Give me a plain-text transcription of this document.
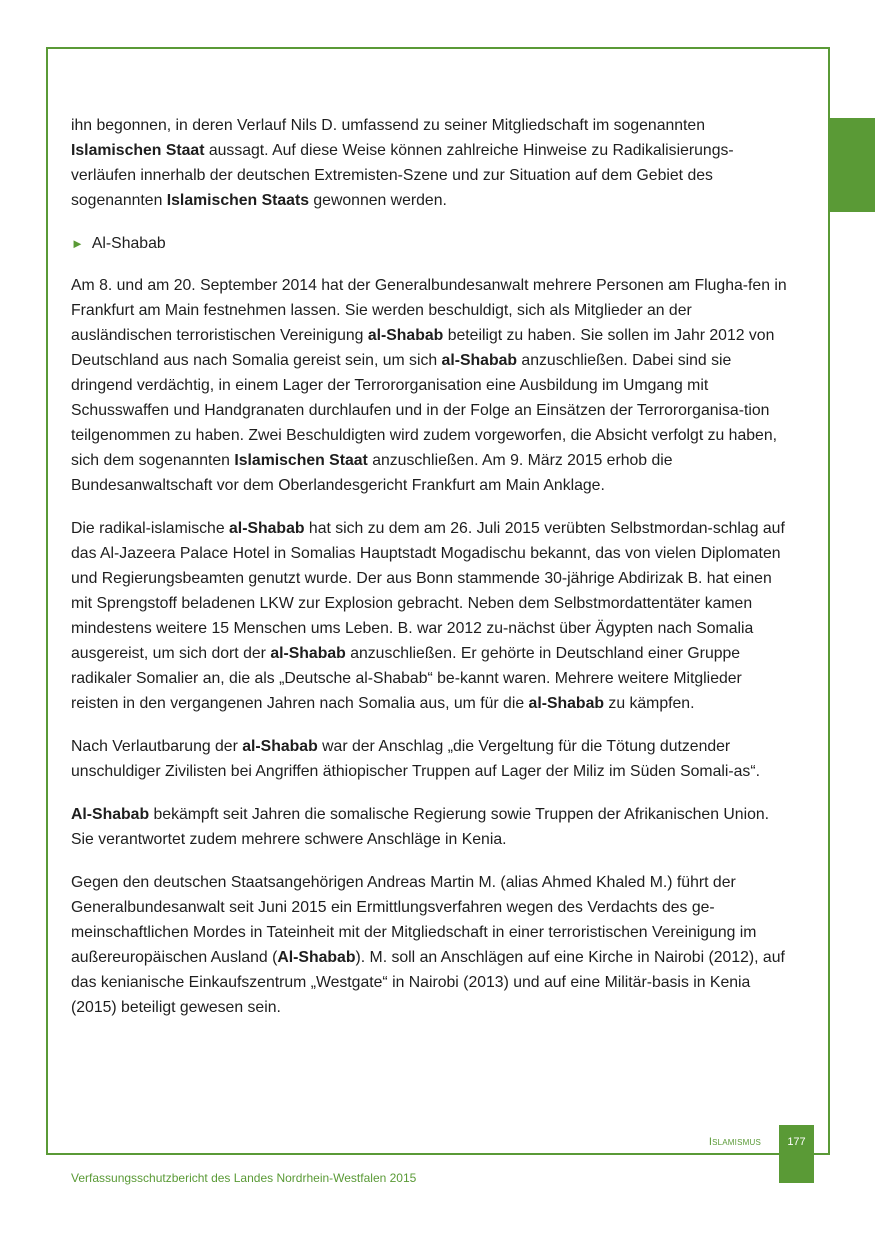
ihn begonnen, in deren Verlauf Nils D. umfassend zu seiner Mitgliedschaft im sogenannten Islamischen Staat aussagt. Auf diese Weise können zahlreiche Hinweise zu Radikalisierungs-verläufen innerhalb der deutschen Extremisten-Szene und zur Situation auf dem Gebiet des sogenannten Islamischen Staats gewonnen werden.

► Al-Shabab

Am 8. und am 20. September 2014 hat der Generalbundesanwalt mehrere Personen am Flugha-fen in Frankfurt am Main festnehmen lassen. Sie werden beschuldigt, sich als Mitglieder an der ausländischen terroristischen Vereinigung al-Shabab beteiligt zu haben. Sie sollen im Jahr 2012 von Deutschland aus nach Somalia gereist sein, um sich al-Shabab anzuschließen. Dabei sind sie dringend verdächtig, in einem Lager der Terrororganisation eine Ausbildung im Umgang mit Schusswaffen und Handgranaten durchlaufen und in der Folge an Einsätzen der Terrororganisa-tion teilgenommen zu haben. Zwei Beschuldigten wird zudem vorgeworfen, die Absicht verfolgt zu haben, sich dem sogenannten Islamischen Staat anzuschließen. Am 9. März 2015 erhob die Bundesanwaltschaft vor dem Oberlandesgericht Frankfurt am Main Anklage.

Die radikal-islamische al-Shabab hat sich zu dem am 26. Juli 2015 verübten Selbstmordan-schlag auf das Al-Jazeera Palace Hotel in Somalias Hauptstadt Mogadischu bekannt, das von vielen Diplomaten und Regierungsbeamten genutzt wurde. Der aus Bonn stammende 30-jährige Abdirizak B. hat einen mit Sprengstoff beladenen LKW zur Explosion gebracht. Neben dem Selbstmordattentäter kamen mindestens weitere 15 Menschen ums Leben. B. war 2012 zu-nächst über Ägypten nach Somalia ausgereist, um sich dort der al-Shabab anzuschließen. Er gehörte in Deutschland einer Gruppe radikaler Somalier an, die als „Deutsche al-Shabab“ be-kannt waren. Mehrere weitere Mitglieder reisten in den vergangenen Jahren nach Somalia aus, um für die al-Shabab zu kämpfen.

Nach Verlautbarung der al-Shabab war der Anschlag „die Vergeltung für die Tötung dutzender unschuldiger Zivilisten bei Angriffen äthiopischer Truppen auf Lager der Miliz im Süden Somali-as“.

Al-Shabab bekämpft seit Jahren die somalische Regierung sowie Truppen der Afrikanischen Union. Sie verantwortet zudem mehrere schwere Anschläge in Kenia.

Gegen den deutschen Staatsangehörigen Andreas Martin M. (alias Ahmed Khaled M.) führt der Generalbundesanwalt seit Juni 2015 ein Ermittlungsverfahren wegen des Verdachts des ge-meinschaftlichen Mordes in Tateinheit mit der Mitgliedschaft in einer terroristischen Vereinigung im außereuropäischen Ausland (Al-Shabab). M. soll an Anschlägen auf eine Kirche in Nairobi (2012), auf das kenianische Einkaufszentrum „Westgate“ in Nairobi (2013) und auf eine Militär-basis in Kenia (2015) beteiligt gewesen sein.

Islamismus	177
Verfassungsschutzbericht des Landes Nordrhein-Westfalen 2015
